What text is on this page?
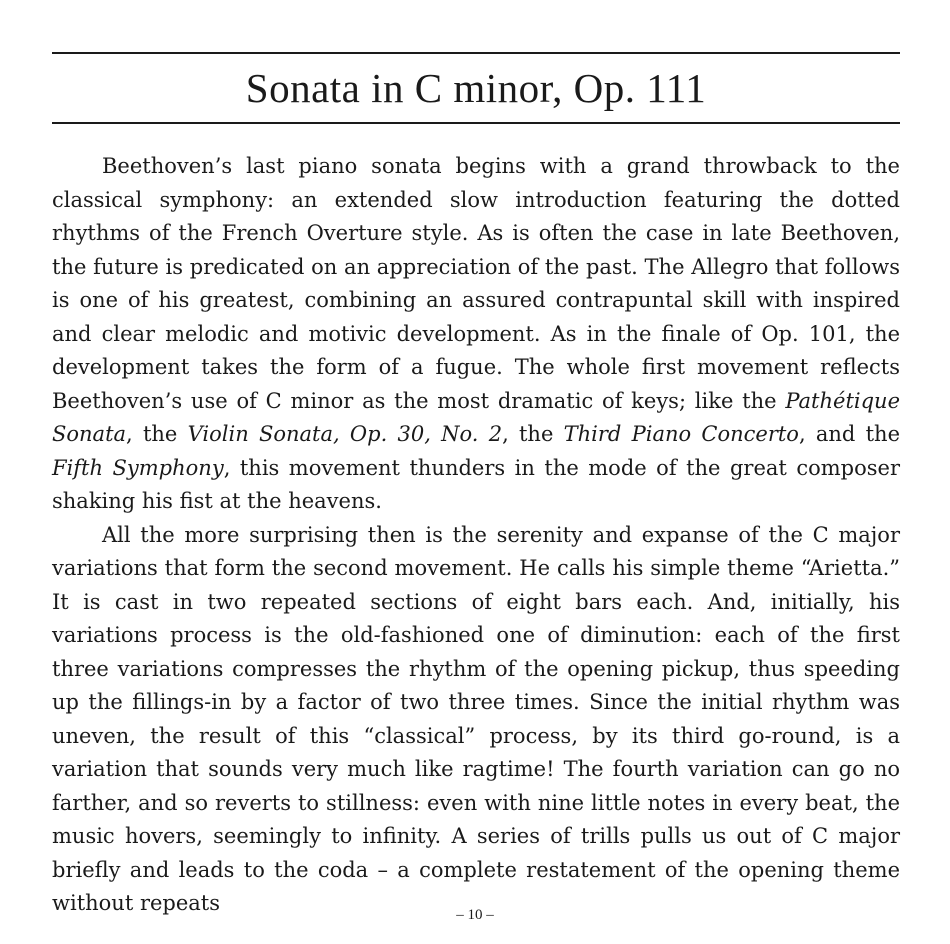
Sonata in C minor, Op. 111

Beethoven’s last piano sonata begins with a grand throwback to the classical symphony: an extended slow introduction featuring the dotted rhythms of the French Overture style. As is often the case in late Beethoven, the future is predicated on an appreciation of the past. The Allegro that follows is one of his greatest, combining an assured contrapuntal skill with inspired and clear melodic and motivic development. As in the finale of Op. 101, the development takes the form of a fugue. The whole first movement reflects Beethoven’s use of C minor as the most dramatic of keys; like the Pathétique Sonata, the Violin Sonata, Op. 30, No. 2, the Third Piano Concerto, and the Fifth Symphony, this movement thunders in the mode of the great composer shaking his fist at the heavens.

All the more surprising then is the serenity and expanse of the C major variations that form the second movement. He calls his simple theme “Arietta.” It is cast in two repeated sections of eight bars each. And, initially, his variations process is the old-fashioned one of diminution: each of the first three variations compresses the rhythm of the opening pickup, thus speeding up the fillings-in by a factor of two three times. Since the initial rhythm was uneven, the result of this “classical” process, by its third go-round, is a variation that sounds very much like ragtime! The fourth variation can go no farther, and so reverts to stillness: even with nine little notes in every beat, the music hovers, seemingly to infinity. A series of trills pulls us out of C major briefly and leads to the coda – a complete restatement of the opening theme without repeats	– 10 –
